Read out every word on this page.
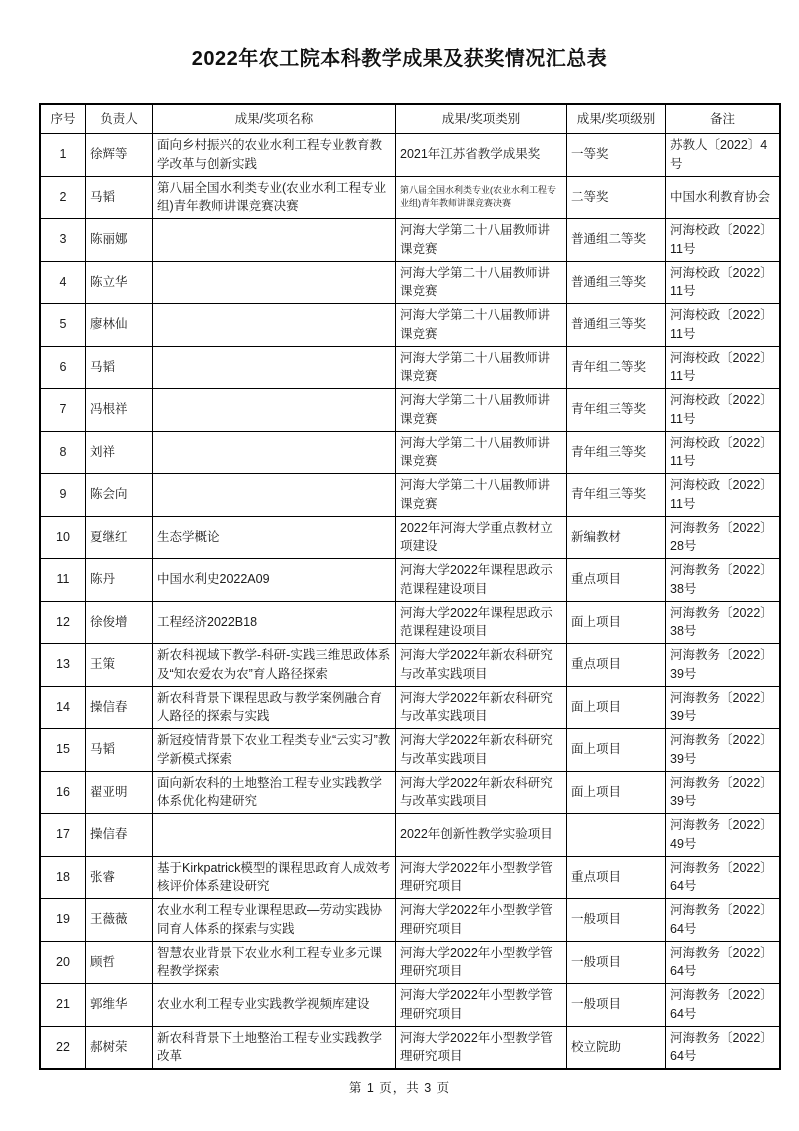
2022年农工院本科教学成果及获奖情况汇总表
序号	负责人	成果/奖项名称	成果/奖项类别	成果/奖项级别	备注
1	徐辉等	面向乡村振兴的农业水利工程专业教育教学改革与创新实践	2021年江苏省教学成果奖	一等奖	苏教人〔2022〕4号
2	马韬	第八届全国水利类专业(农业水利工程专业组)青年教师讲课竞赛决赛	第八届全国水利类专业(农业水利工程专业组)青年教师讲课竞赛决赛	二等奖	中国水利教育协会
3	陈丽娜		河海大学第二十八届教师讲课竞赛	普通组二等奖	河海校政〔2022〕11号
4	陈立华		河海大学第二十八届教师讲课竞赛	普通组三等奖	河海校政〔2022〕11号
5	廖林仙		河海大学第二十八届教师讲课竞赛	普通组三等奖	河海校政〔2022〕11号
6	马韬		河海大学第二十八届教师讲课竞赛	青年组二等奖	河海校政〔2022〕11号
7	冯根祥		河海大学第二十八届教师讲课竞赛	青年组三等奖	河海校政〔2022〕11号
8	刘祥		河海大学第二十八届教师讲课竞赛	青年组三等奖	河海校政〔2022〕11号
9	陈会向		河海大学第二十八届教师讲课竞赛	青年组三等奖	河海校政〔2022〕11号
10	夏继红	生态学概论	2022年河海大学重点教材立项建设	新编教材	河海教务〔2022〕28号
11	陈丹	中国水利史2022A09	河海大学2022年课程思政示范课程建设项目	重点项目	河海教务〔2022〕38号
12	徐俊增	工程经济2022B18	河海大学2022年课程思政示范课程建设项目	面上项目	河海教务〔2022〕38号
13	王策	新农科视域下教学-科研-实践三维思政体系及“知农爱农为农”育人路径探索	河海大学2022年新农科研究与改革实践项目	重点项目	河海教务〔2022〕39号
14	操信春	新农科背景下课程思政与教学案例融合育人路径的探索与实践	河海大学2022年新农科研究与改革实践项目	面上项目	河海教务〔2022〕39号
15	马韬	新冠疫情背景下农业工程类专业“云实习”教学新模式探索	河海大学2022年新农科研究与改革实践项目	面上项目	河海教务〔2022〕39号
16	翟亚明	面向新农科的土地整治工程专业实践教学体系优化构建研究	河海大学2022年新农科研究与改革实践项目	面上项目	河海教务〔2022〕39号
17	操信春		2022年创新性教学实验项目		河海教务〔2022〕49号
18	张睿	基于Kirkpatrick模型的课程思政育人成效考核评价体系建设研究	河海大学2022年小型教学管理研究项目	重点项目	河海教务〔2022〕64号
19	王薇薇	农业水利工程专业课程思政—劳动实践协同育人体系的探索与实践	河海大学2022年小型教学管理研究项目	一般项目	河海教务〔2022〕64号
20	顾哲	智慧农业背景下农业水利工程专业多元课程教学探索	河海大学2022年小型教学管理研究项目	一般项目	河海教务〔2022〕64号
21	郭维华	农业水利工程专业实践教学视频库建设	河海大学2022年小型教学管理研究项目	一般项目	河海教务〔2022〕64号
22	郝树荣	新农科背景下土地整治工程专业实践教学改革	河海大学2022年小型教学管理研究项目	校立院助	河海教务〔2022〕64号
第 1 页，共 3 页
